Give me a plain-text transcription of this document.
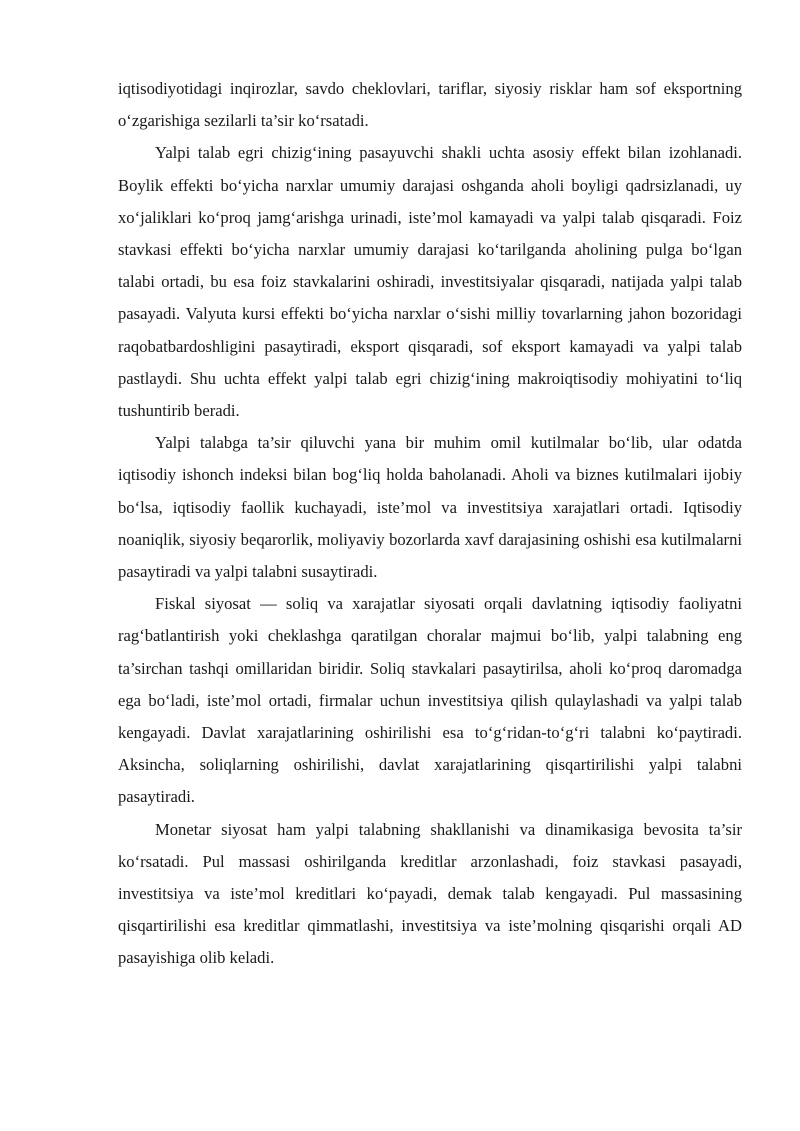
iqtisodiyotidagi inqirozlar, savdo cheklovlari, tariflar, siyosiy risklar ham sof eksportning o‘zgarishiga sezilarli ta’sir ko‘rsatadi.

Yalpi talab egri chizig‘ining pasayuvchi shakli uchta asosiy effekt bilan izohlanadi. Boylik effekti bo‘yicha narxlar umumiy darajasi oshganda aholi boyligi qadrsizlanadi, uy xo‘jaliklari ko‘proq jamg‘arishga urinadi, iste’mol kamayadi va yalpi talab qisqaradi. Foiz stavkasi effekti bo‘yicha narxlar umumiy darajasi ko‘tarilganda aholining pulga bo‘lgan talabi ortadi, bu esa foiz stavkalarini oshiradi, investitsiyalar qisqaradi, natijada yalpi talab pasayadi. Valyuta kursi effekti bo‘yicha narxlar o‘sishi milliy tovarlarning jahon bozoridagi raqobatbardoshligini pasaytiradi, eksport qisqaradi, sof eksport kamayadi va yalpi talab pastlaydi. Shu uchta effekt yalpi talab egri chizig‘ining makroiqtisodiy mohiyatini to‘liq tushuntirib beradi.

Yalpi talabga ta’sir qiluvchi yana bir muhim omil kutilmalar bo‘lib, ular odatda iqtisodiy ishonch indeksi bilan bog‘liq holda baholanadi. Aholi va biznes kutilmalari ijobiy bo‘lsa, iqtisodiy faollik kuchayadi, iste’mol va investitsiya xarajatlari ortadi. Iqtisodiy noaniqlik, siyosiy beqarorlik, moliyaviy bozorlarda xavf darajasining oshishi esa kutilmalarni pasaytiradi va yalpi talabni susaytiradi.

Fiskal siyosat — soliq va xarajatlar siyosati orqali davlatning iqtisodiy faoliyatni rag‘batlantirish yoki cheklashga qaratilgan choralar majmui bo‘lib, yalpi talabning eng ta’sirchan tashqi omillaridan biridir. Soliq stavkalari pasaytirilsa, aholi ko‘proq daromadga ega bo‘ladi, iste’mol ortadi, firmalar uchun investitsiya qilish qulaylashadi va yalpi talab kengayadi. Davlat xarajatlarining oshirilishi esa to‘g‘ridan-to‘g‘ri talabni ko‘paytiradi. Aksincha, soliqlarning oshirilishi, davlat xarajatlarining qisqartirilishi yalpi talabni pasaytiradi.

Monetar siyosat ham yalpi talabning shakllanishi va dinamikasiga bevosita ta’sir ko‘rsatadi. Pul massasi oshirilganda kreditlar arzonlashadi, foiz stavkasi pasayadi, investitsiya va iste’mol kreditlari ko‘payadi, demak talab kengayadi. Pul massasining qisqartirilishi esa kreditlar qimmatlashi, investitsiya va iste’molning qisqarishi orqali AD pasayishiga olib keladi.
